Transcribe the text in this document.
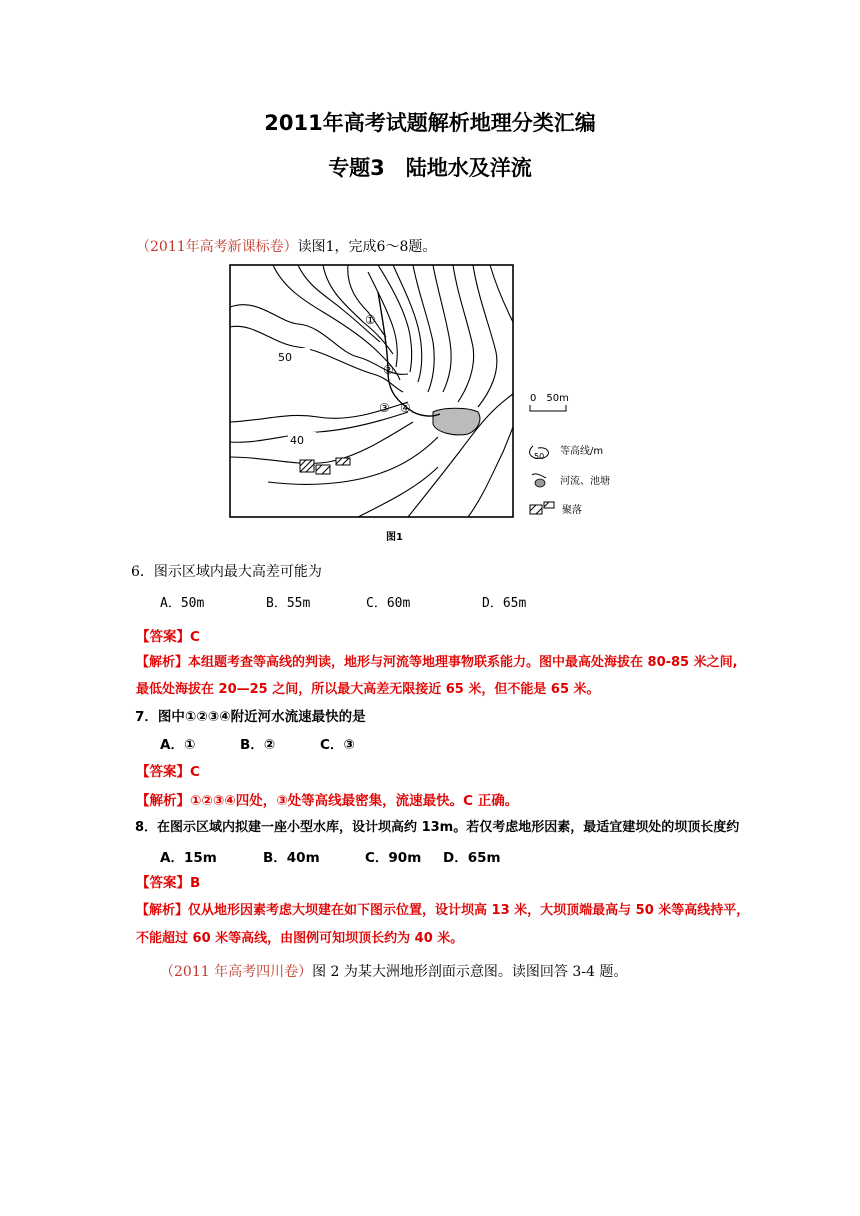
2011年高考试题解析地理分类汇编
专题3　陆地水及洋流
（2011年高考新课标卷）读图1，完成6～8题。
50
40
①
②
③ ④
0　50m
50 等高线/m
河流、池塘
聚落
图1
6．图示区域内最大高差可能为
A．50m	B．55m	C．60m	D．65m
【答案】C
【解析】本组题考查等高线的判读，地形与河流等地理事物联系能力。图中最高处海拔在 80-85 米之间,
最低处海拔在 20—25 之间，所以最大高差无限接近 65 米，但不能是 65 米。
7．图中①②③④附近河水流速最快的是
A．①	B．②	C．③
【答案】C
【解析】①②③④四处，③处等高线最密集，流速最快。C 正确。
8．在图示区域内拟建一座小型水库，设计坝高约 13m。若仅考虑地形因素，最适宜建坝处的坝顶长度约
A．15m	B．40m	C．90m D．65m
【答案】B
【解析】仅从地形因素考虑大坝建在如下图示位置，设计坝高 13 米，大坝顶端最高与 50 米等高线持平，
不能超过 60 米等高线，由图例可知坝顶长约为 40 米。
（2011 年高考四川卷）图 2 为某大洲地形剖面示意图。读图回答 3-4 题。
